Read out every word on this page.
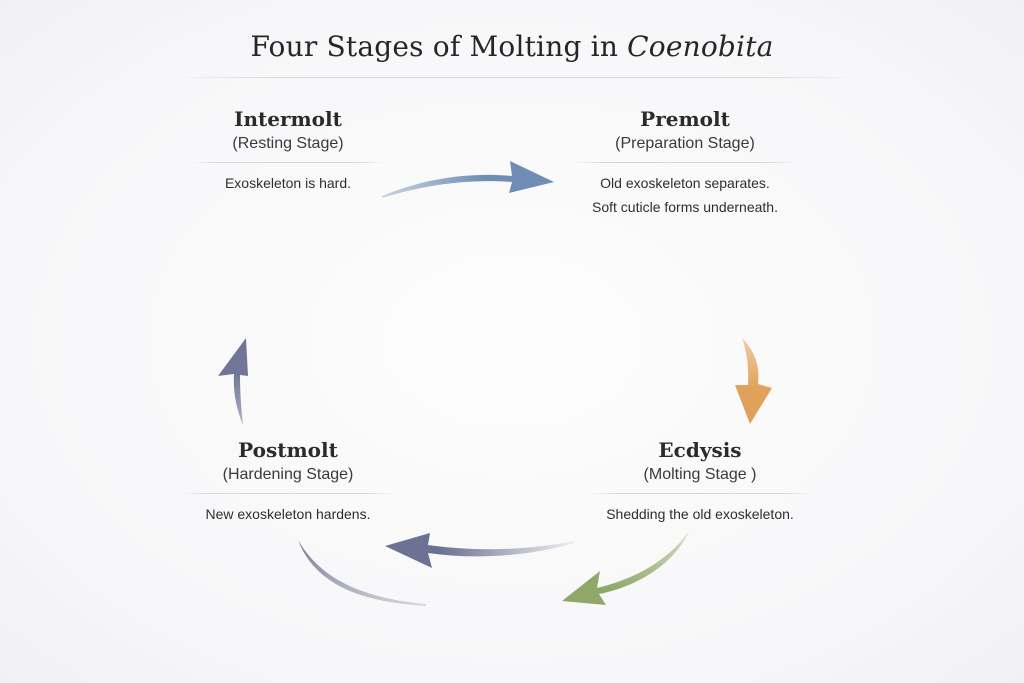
Four Stages of Molting in Coenobita
Intermolt
(Resting Stage)
Exoskeleton is hard.
Premolt
(Preparation Stage)
Old exoskeleton separates.
Soft cuticle forms underneath.
Postmolt
(Hardening Stage)
New exoskeleton hardens.
Ecdysis
(Molting Stage )
Shedding the old exoskeleton.
